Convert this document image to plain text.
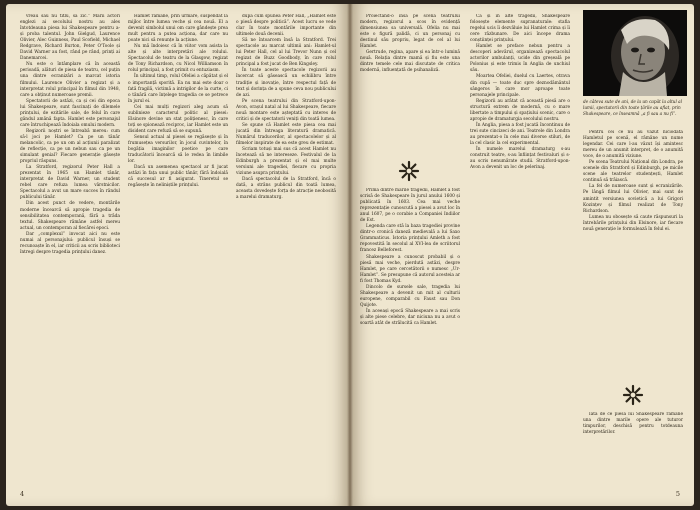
vreau sau nu titlu, să zic.” Marii actori englezi ai secolului nostru au ales întotdeauna piesa lui Shakespeare pentru a-și proba talentul. John Gielgud, Laurence Olivier, Alec Guinness, Paul Scofield, Michael Redgrave, Richard Burton, Peter O'Toole și David Warner au fost, rând pe rând, prinți ai Danemarcei.

Nu este o întâmplare că în această perioadă, alături de piesa de teatru, cel puțin una dintre ecranizări a marcat istoria filmului. Laurence Olivier a regizat și a interpretat rolul principal în filmul din 1948, care a obținut numeroase premii.

Spectatorii de astăzi, ca și cei din epoca lui Shakespeare, sunt fascinați de dilemele prințului, de ezitările sale, de felul în care gândul amână fapta. Hamlet este personajul care întruchipează îndoiala omului modern.

Regizorii noștri se întreabă mereu: cum să-l joci pe Hamlet? Ca pe un tânăr melancolic, ca pe un om al acțiunii paralizat de reflecție, ca pe un nebun sau ca pe un simulant genial? Fiecare generație găsește propriul răspuns.

La Stratford, regizorul Peter Hall a prezentat în 1965 un Hamlet tânăr, interpretat de David Warner, un student rebel care refuza lumea vârstnicilor. Spectacolul a avut un mare succes în rândul publicului tânăr.

Din acest punct de vedere, montările moderne încearcă să apropie tragedia de sensibilitatea contemporană, fără a trăda textul. Shakespeare rămâne astfel mereu actual, un contemporan al fiecărei epoci.

Dar „complexul” invocat aici nu este numai al personajului: publicul însuși se recunoaște în el, iar criticii au scris biblioteci întregi despre tragedia prințului danez.

Hamlet rămâne, prin urmare, suspendat la mijloc între lumea veche și cea nouă. El a devenit simbolul unui om care gândește prea mult pentru a putea acționa, dar care nu poate nici să renunțe la acțiune.

Nu mă îndoiesc că în viitor vom asista la alte și alte interpretări ale rolului. Spectacolul de teatru de la Glasgow, regizat de Tony Richardson, cu Nicol Williamson în rolul principal, a fost primit cu entuziasm.

În ultimul timp, rolul Ofeliei a căpătat și el o importanță sporită. Ea nu mai este doar o fată fragilă, victimă a intrigilor de la curte, ci o tânără care înțelege tragedia ce se petrece în jurul ei.

Cei mai mulți regizori aleg acum să sublinieze caracterul politic al piesei: Elsinore devine un stat polițienesc, în care toți se spionează reciproc, iar Hamlet este un disident care refuză să se supună.

Sensul actual al piesei se regăsește și în frumusețea versurilor, în jocul cuvintelor, în bogăția imaginilor poetice pe care traducătorii încearcă să le redea în limbile lor.

Dacă un asemenea spectacol ar fi jucat astăzi în fața unui public tânăr, fără îndoială că succesul ar fi asigurat. Tineretul se regăsește în neliniștile prințului.

după cum spunea Peter Hall, „Hamlet este o piesă despre politică”. Acest lucru se vede clar în toate montările importante din ultimele două decenii.

Să ne întoarcem însă la Stratford. Trei spectacole au marcat ultimii ani: Hamlet-ul lui Peter Hall, cel al lui Trevor Nunn și cel regizat de Buzz Goodbody, în care rolul principal a fost jucat de Ben Kingsley.

În toate aceste spectacole regizorii au încercat să găsească un echilibru între tradiție și inovație, între respectul față de text și dorința de a spune ceva nou publicului de azi.

Pe scena teatrului din Stratford-upon-Avon, orașul natal al lui Shakespeare, fiecare nouă montare este așteptată cu interes de critici și de spectatorii veniți din toată lumea.

Se spune că Hamlet este piesa cea mai jucată din întreaga literatură dramatică. Numărul traducerilor, al spectacolelor și al filmelor inspirate de ea este greu de estimat.

Scriam totuși mai sus că acest Hamlet nu încetează să ne intereseze. Festivalul de la Edinburgh a prezentat și el mai multe versiuni ale tragediei, fiecare cu propria viziune asupra prințului.

Dacă spectacolul de la Stratford, încă o dată, a strâns publicul din toată lumea, aceasta dovedește forța de atracție neobosită a marelui dramaturg.

4

Proiectând-o însă pe scena teatrului modern, regizorul a scos în evidență dimensiunea sa universală. Ofelia nu mai este o figură palidă, ci un personaj cu destinul său propriu, legat de cel al lui Hamlet.

Gertrude, regina, apare și ea într-o lumină nouă. Relația dintre mamă și fiu este una dintre temele cele mai discutate de critica modernă, influențată de psihanaliză.

Prima dintre marile tragedii, Hamlet a fost scrisă de Shakespeare în jurul anului 1600 și publicată în 1603. Cea mai veche reprezentație cunoscută a piesei a avut loc în anul 1607, pe o corabie a Companiei Indiilor de Est.

Legenda care stă la baza tragediei provine dintr-o cronică daneză medievală a lui Saxo Grammaticus. Istoria prințului Amleth a fost repovestită în secolul al XVI-lea de scriitorul francez Belleforest.

Shakespeare a cunoscut probabil și o piesă mai veche, pierdută astăzi, despre Hamlet, pe care cercetătorii o numesc „Ur-Hamlet”. Se presupune că autorul acesteia ar fi fost Thomas Kyd.

Dincolo de sursele sale, tragedia lui Shakespeare a devenit un mit al culturii europene, comparabil cu Faust sau Don Quijote.

În aceeași epocă Shakespeare a mai scris și alte piese celebre, dar niciuna nu a avut o soartă atât de strălucită ca Hamlet.

Ca și în alte tragedii, Shakespeare folosește elemente supranaturale: stafia regelui ucis îi dezvăluie lui Hamlet crima și îi cere răzbunare. De aici începe drama conștiinței prințului.

Hamlet se preface nebun pentru a descoperi adevărul, organizează spectacolul actorilor ambulanți, ucide din greșeală pe Polonius și este trimis în Anglia de unchiul său.

Moartea Ofeliei, duelul cu Laertes, otrava din cupă — toate duc spre deznodământul sângeros în care mor aproape toate personajele principale.

Regizorii au arătat că această piesă are o structură extrem de modernă, cu o mare libertate a timpului și spațiului scenic, care o apropie de dramaturgia secolului nostru.

În Anglia, piesa a fost jucată încontinuu de trei sute cincizeci de ani. Teatrele din Londra au prezentat-o în cele mai diverse stiluri, de la cel clasic la cel experimental.

În numele marelui dramaturg s-au construit teatre, s-au înființat festivaluri și s-au scris nenumărate studii. Stratford-upon-Avon a devenit un loc de pelerinaj.

de câteva sute de ani, de la un capăt la altul al lumii, spectatorii din toate țările au aflat, prin Shakespeare, ce înseamnă „a fi sau a nu fi”.

Pentru cei ce nu au văzut niciodată Hamletul pe scenă, el rămâne un nume legendar. Cei care l-au văzut își amintesc mereu de un anumit interpret, de o anumită voce, de o anumită viziune.

Pe scena Teatrului Național din Londra, pe scenele din Stratford și Edinburgh, pe micile scene ale teatrelor studențești, Hamlet continuă să trăiască.

La fel de numeroase sunt și ecranizările. Pe lângă filmul lui Olivier, mai sunt de amintit versiunea sovietică a lui Grigori Kozințev și filmul realizat de Tony Richardson.

Lumea nu obosește să caute răspunsuri la întrebările prințului din Elsinore, iar fiecare nouă generație le formulează în felul ei.

Iată de ce piesa lui Shakespeare rămâne una dintre marile opere ale tuturor timpurilor, deschisă pentru totdeauna interpretărilor.

5
